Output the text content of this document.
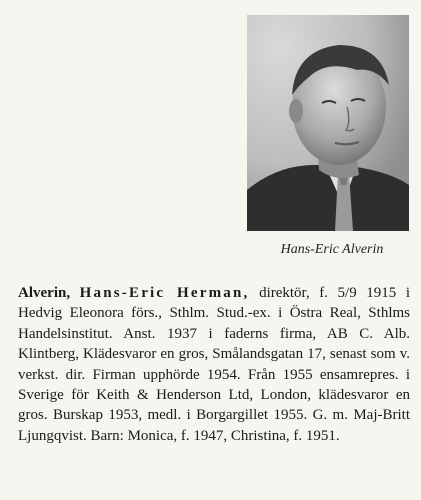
Hans-Eric Alverin

Alverin, Hans-Eric Herman, direktör, f. 5/9 1915 i Hedvig Eleonora förs., Sthlm. Stud.-ex. i Östra Real, Sthlms Handelsinstitut. Anst. 1937 i faderns firma, AB C. Alb. Klintberg, Klädesvaror en gros, Smålandsgatan 17, senast som v. verkst. dir. Firman upphörde 1954. Från 1955 ensamrepres. i Sverige för Keith & Henderson Ltd, London, klädesvaror en gros. Burskap 1953, medl. i Borgargillet 1955. G. m. Maj-Britt Ljungqvist. Barn: Monica, f. 1947, Christina, f. 1951.
